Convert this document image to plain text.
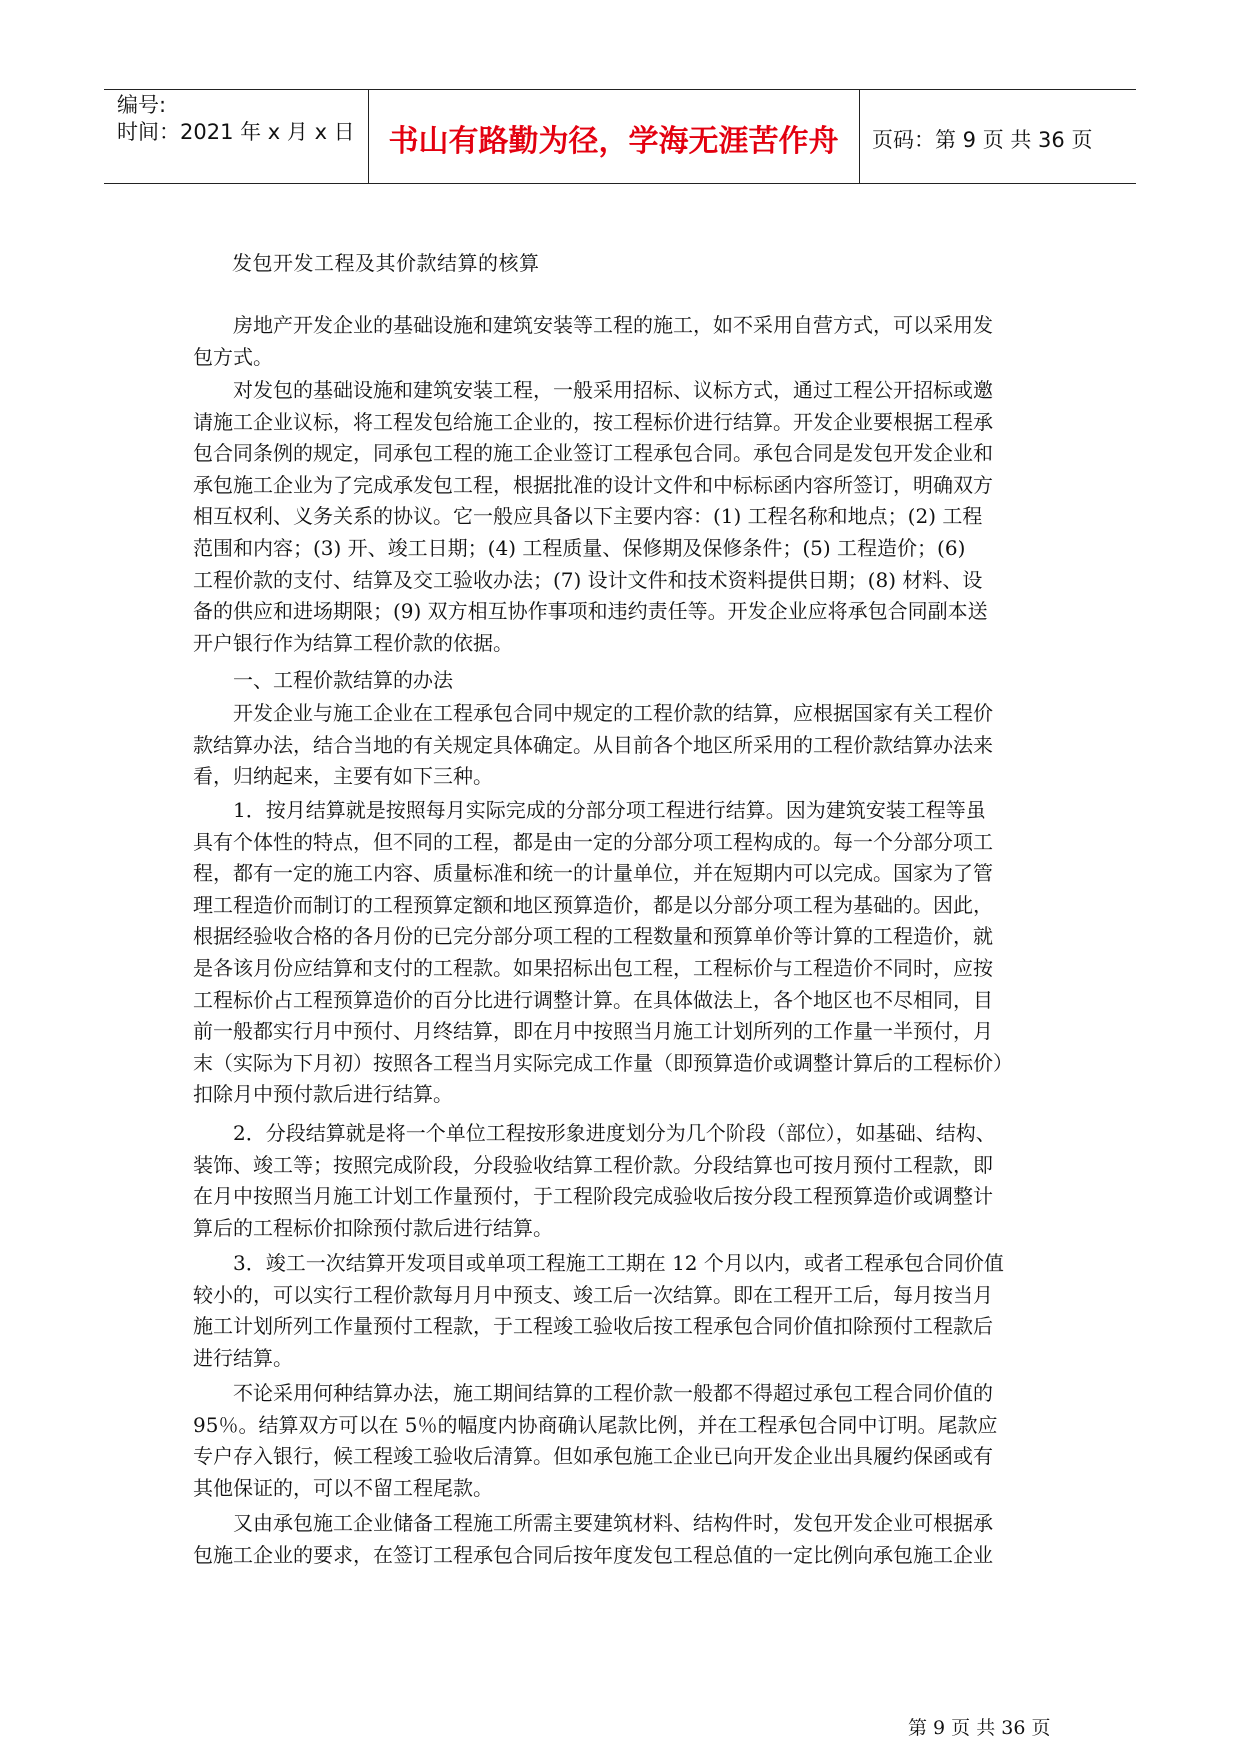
编号:
时间：2021 年 x 月 x 日	书山有路勤为径，学海无涯苦作舟	页码：第 9 页 共 36 页
发包开发工程及其价款结算的核算
　　房地产开发企业的基础设施和建筑安装等工程的施工，如不采用自营方式，可以采用发
包方式。
　　对发包的基础设施和建筑安装工程，一般采用招标、议标方式，通过工程公开招标或邀
请施工企业议标，将工程发包给施工企业的，按工程标价进行结算。开发企业要根据工程承
包合同条例的规定，同承包工程的施工企业签订工程承包合同。承包合同是发包开发企业和
承包施工企业为了完成承发包工程，根据批准的设计文件和中标标函内容所签订，明确双方
相互权利、义务关系的协议。它一般应具备以下主要内容：(1) 工程名称和地点；(2) 工程
范围和内容；(3) 开、竣工日期；(4) 工程质量、保修期及保修条件；(5) 工程造价；(6)
工程价款的支付、结算及交工验收办法；(7) 设计文件和技术资料提供日期；(8) 材料、设
备的供应和进场期限；(9) 双方相互协作事项和违约责任等。开发企业应将承包合同副本送
开户银行作为结算工程价款的依据。
　　一、工程价款结算的办法
　　开发企业与施工企业在工程承包合同中规定的工程价款的结算，应根据国家有关工程价
款结算办法，结合当地的有关规定具体确定。从目前各个地区所采用的工程价款结算办法来
看，归纳起来，主要有如下三种。
　　1．按月结算就是按照每月实际完成的分部分项工程进行结算。因为建筑安装工程等虽
具有个体性的特点，但不同的工程，都是由一定的分部分项工程构成的。每一个分部分项工
程，都有一定的施工内容、质量标准和统一的计量单位，并在短期内可以完成。国家为了管
理工程造价而制订的工程预算定额和地区预算造价，都是以分部分项工程为基础的。因此，
根据经验收合格的各月份的已完分部分项工程的工程数量和预算单价等计算的工程造价，就
是各该月份应结算和支付的工程款。如果招标出包工程，工程标价与工程造价不同时，应按
工程标价占工程预算造价的百分比进行调整计算。在具体做法上，各个地区也不尽相同，目
前一般都实行月中预付、月终结算，即在月中按照当月施工计划所列的工作量一半预付，月
末（实际为下月初）按照各工程当月实际完成工作量（即预算造价或调整计算后的工程标价）
扣除月中预付款后进行结算。
　　2．分段结算就是将一个单位工程按形象进度划分为几个阶段（部位），如基础、结构、
装饰、竣工等；按照完成阶段，分段验收结算工程价款。分段结算也可按月预付工程款，即
在月中按照当月施工计划工作量预付，于工程阶段完成验收后按分段工程预算造价或调整计
算后的工程标价扣除预付款后进行结算。
　　3．竣工一次结算开发项目或单项工程施工工期在 12 个月以内，或者工程承包合同价值
较小的，可以实行工程价款每月月中预支、竣工后一次结算。即在工程开工后，每月按当月
施工计划所列工作量预付工程款，于工程竣工验收后按工程承包合同价值扣除预付工程款后
进行结算。
　　不论采用何种结算办法，施工期间结算的工程价款一般都不得超过承包工程合同价值的
95％。结算双方可以在 5％的幅度内协商确认尾款比例，并在工程承包合同中订明。尾款应
专户存入银行，候工程竣工验收后清算。但如承包施工企业已向开发企业出具履约保函或有
其他保证的，可以不留工程尾款。
　　又由承包施工企业储备工程施工所需主要建筑材料、结构件时，发包开发企业可根据承
包施工企业的要求，在签订工程承包合同后按年度发包工程总值的一定比例向承包施工企业
第 9 页 共 36 页
